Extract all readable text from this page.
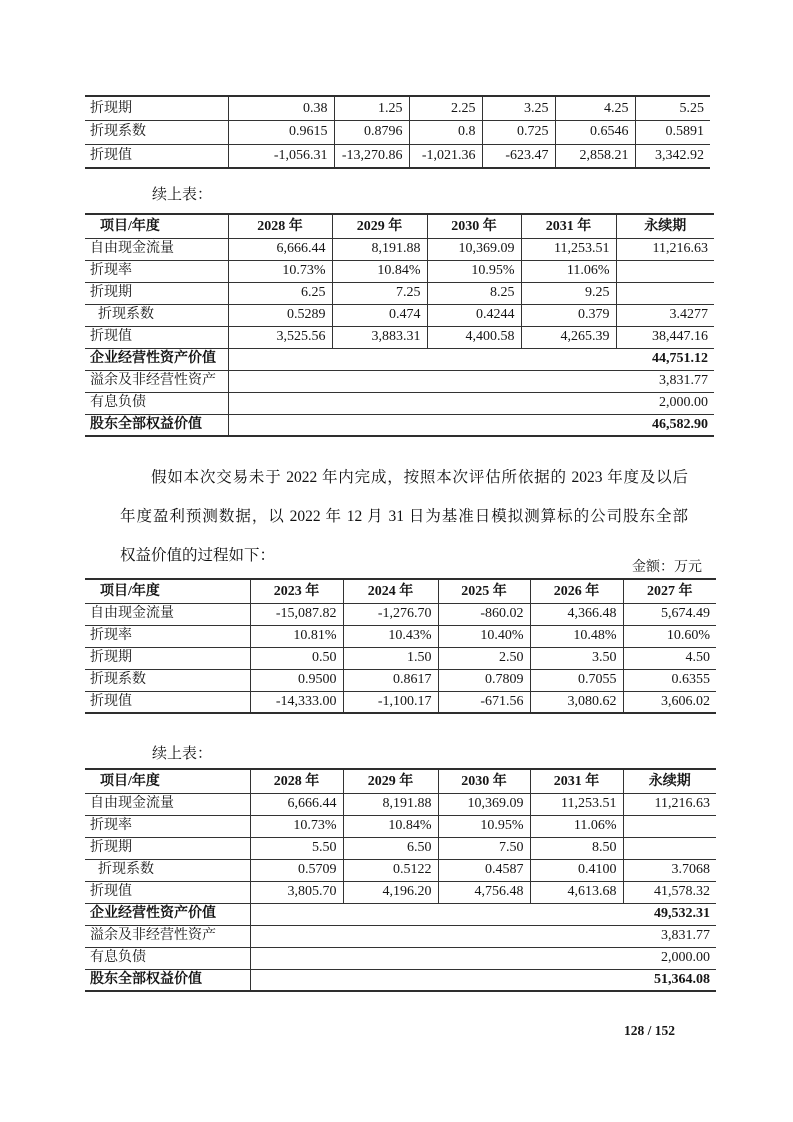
折现期	0.38	1.25	2.25	3.25	4.25	5.25
折现系数	0.9615	0.8796	0.8	0.725	0.6546	0.5891
折现值	-1,056.31	-13,270.86	-1,021.36	-623.47	2,858.21	3,342.92
续上表：
项目/年度	2028 年	2029 年	2030 年	2031 年	永续期
自由现金流量	6,666.44	8,191.88	10,369.09	11,253.51	11,216.63
折现率	10.73%	10.84%	10.95%	11.06%	
折现期	6.25	7.25	8.25	9.25	
折现系数	0.5289	0.474	0.4244	0.379	3.4277
折现值	3,525.56	3,883.31	4,400.58	4,265.39	38,447.16
企业经营性资产价值	44,751.12				
溢余及非经营性资产	3,831.77				
有息负债	2,000.00				
股东全部权益价值	46,582.90				
假如本次交易未于 2022 年内完成，按照本次评估所依据的 2023 年度及以后
年度盈利预测数据，以 2022 年 12 月 31 日为基准日模拟测算标的公司股东全部
权益价值的过程如下：
金额：万元
项目/年度	2023 年	2024 年	2025 年	2026 年	2027 年
自由现金流量	-15,087.82	-1,276.70	-860.02	4,366.48	5,674.49
折现率	10.81%	10.43%	10.40%	10.48%	10.60%
折现期	0.50	1.50	2.50	3.50	4.50
折现系数	0.9500	0.8617	0.7809	0.7055	0.6355
折现值	-14,333.00	-1,100.17	-671.56	3,080.62	3,606.02
续上表：
项目/年度	2028 年	2029 年	2030 年	2031 年	永续期
自由现金流量	6,666.44	8,191.88	10,369.09	11,253.51	11,216.63
折现率	10.73%	10.84%	10.95%	11.06%	
折现期	5.50	6.50	7.50	8.50	
折现系数	0.5709	0.5122	0.4587	0.4100	3.7068
折现值	3,805.70	4,196.20	4,756.48	4,613.68	41,578.32
企业经营性资产价值	49,532.31				
溢余及非经营性资产	3,831.77				
有息负债	2,000.00				
股东全部权益价值	51,364.08				
128 / 152
